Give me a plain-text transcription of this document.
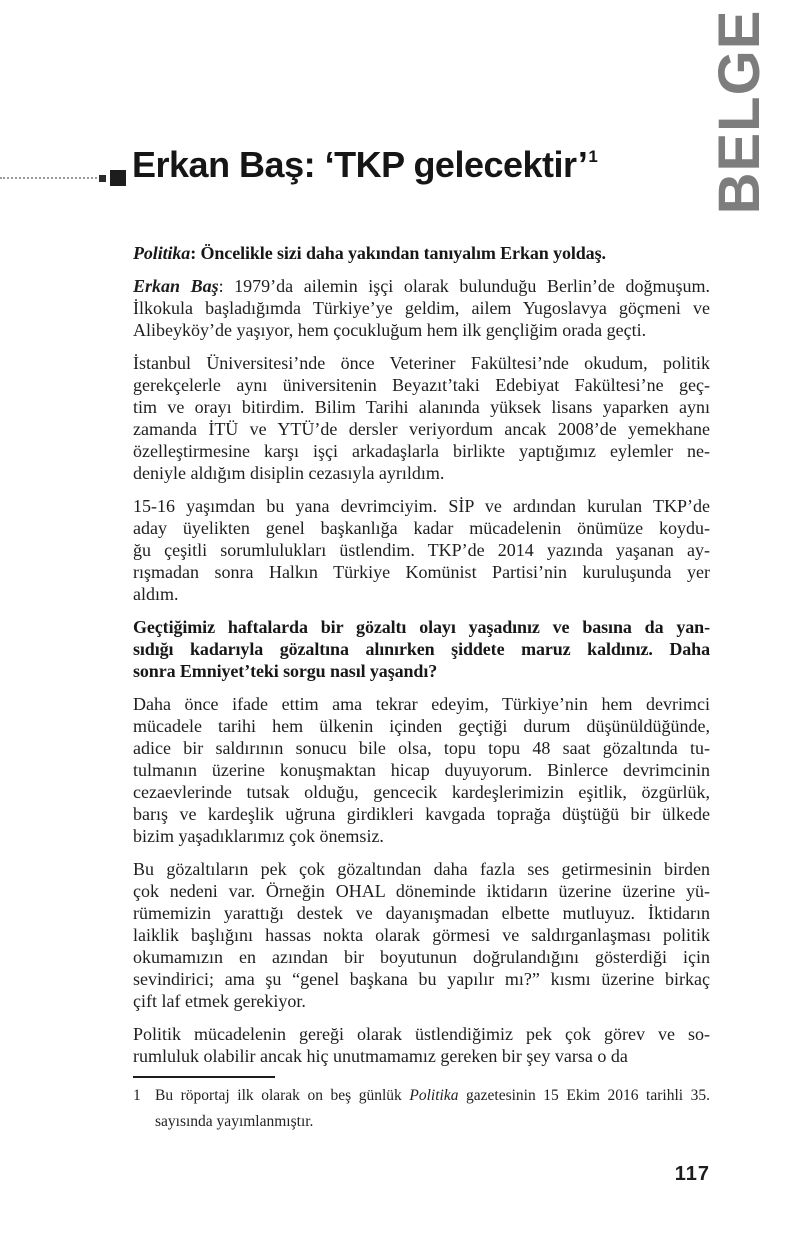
BELGE
Erkan Baş: ‘TKP gelecektir’$^1$
Politika: Öncelikle sizi daha yakından tanıyalım Erkan yoldaş.
Erkan Baş: 1979’da ailemin işçi olarak bulunduğu Berlin’de doğmuşum.
İlkokula başladığımda Türkiye’ye geldim, ailem Yugoslavya göçmeni ve
Alibeyköy’de yaşıyor, hem çocukluğum hem ilk gençliğim orada geçti.
İstanbul Üniversitesi’nde önce Veteriner Fakültesi’nde okudum, politik
gerekçelerle aynı üniversitenin Beyazıt’taki Edebiyat Fakültesi’ne geç-
tim ve orayı bitirdim. Bilim Tarihi alanında yüksek lisans yaparken aynı
zamanda İTÜ ve YTÜ’de dersler veriyordum ancak 2008’de yemekhane
özelleştirmesine karşı işçi arkadaşlarla birlikte yaptığımız eylemler ne-
deniyle aldığım disiplin cezasıyla ayrıldım.
15-16 yaşımdan bu yana devrimciyim. SİP ve ardından kurulan TKP’de
aday üyelikten genel başkanlığa kadar mücadelenin önümüze koydu-
ğu çeşitli sorumlulukları üstlendim. TKP’de 2014 yazında yaşanan ay-
rışmadan sonra Halkın Türkiye Komünist Partisi’nin kuruluşunda yer
aldım.
Geçtiğimiz haftalarda bir gözaltı olayı yaşadınız ve basına da yan-
sıdığı kadarıyla gözaltına alınırken şiddete maruz kaldınız. Daha
sonra Emniyet’teki sorgu nasıl yaşandı?
Daha önce ifade ettim ama tekrar edeyim, Türkiye’nin hem devrimci
mücadele tarihi hem ülkenin içinden geçtiği durum düşünüldüğünde,
adice bir saldırının sonucu bile olsa, topu topu 48 saat gözaltında tu-
tulmanın üzerine konuşmaktan hicap duyuyorum. Binlerce devrimcinin
cezaevlerinde tutsak olduğu, gencecik kardeşlerimizin eşitlik, özgürlük,
barış ve kardeşlik uğruna girdikleri kavgada toprağa düştüğü bir ülkede
bizim yaşadıklarımız çok önemsiz.
Bu gözaltıların pek çok gözaltından daha fazla ses getirmesinin birden
çok nedeni var. Örneğin OHAL döneminde iktidarın üzerine üzerine yü-
rümemizin yarattığı destek ve dayanışmadan elbette mutluyuz. İktidarın
laiklik başlığını hassas nokta olarak görmesi ve saldırganlaşması politik
okumamızın en azından bir boyutunun doğrulandığını gösterdiği için
sevindirici; ama şu “genel başkana bu yapılır mı?” kısmı üzerine birkaç
çift laf etmek gerekiyor.
Politik mücadelenin gereği olarak üstlendiğimiz pek çok görev ve so-
rumluluk olabilir ancak hiç unutmamamız gereken bir şey varsa o da
1 Bu röportaj ilk olarak on beş günlük Politika gazetesinin 15 Ekim 2016 tarihli 35.
sayısında yayımlanmıştır.
117
